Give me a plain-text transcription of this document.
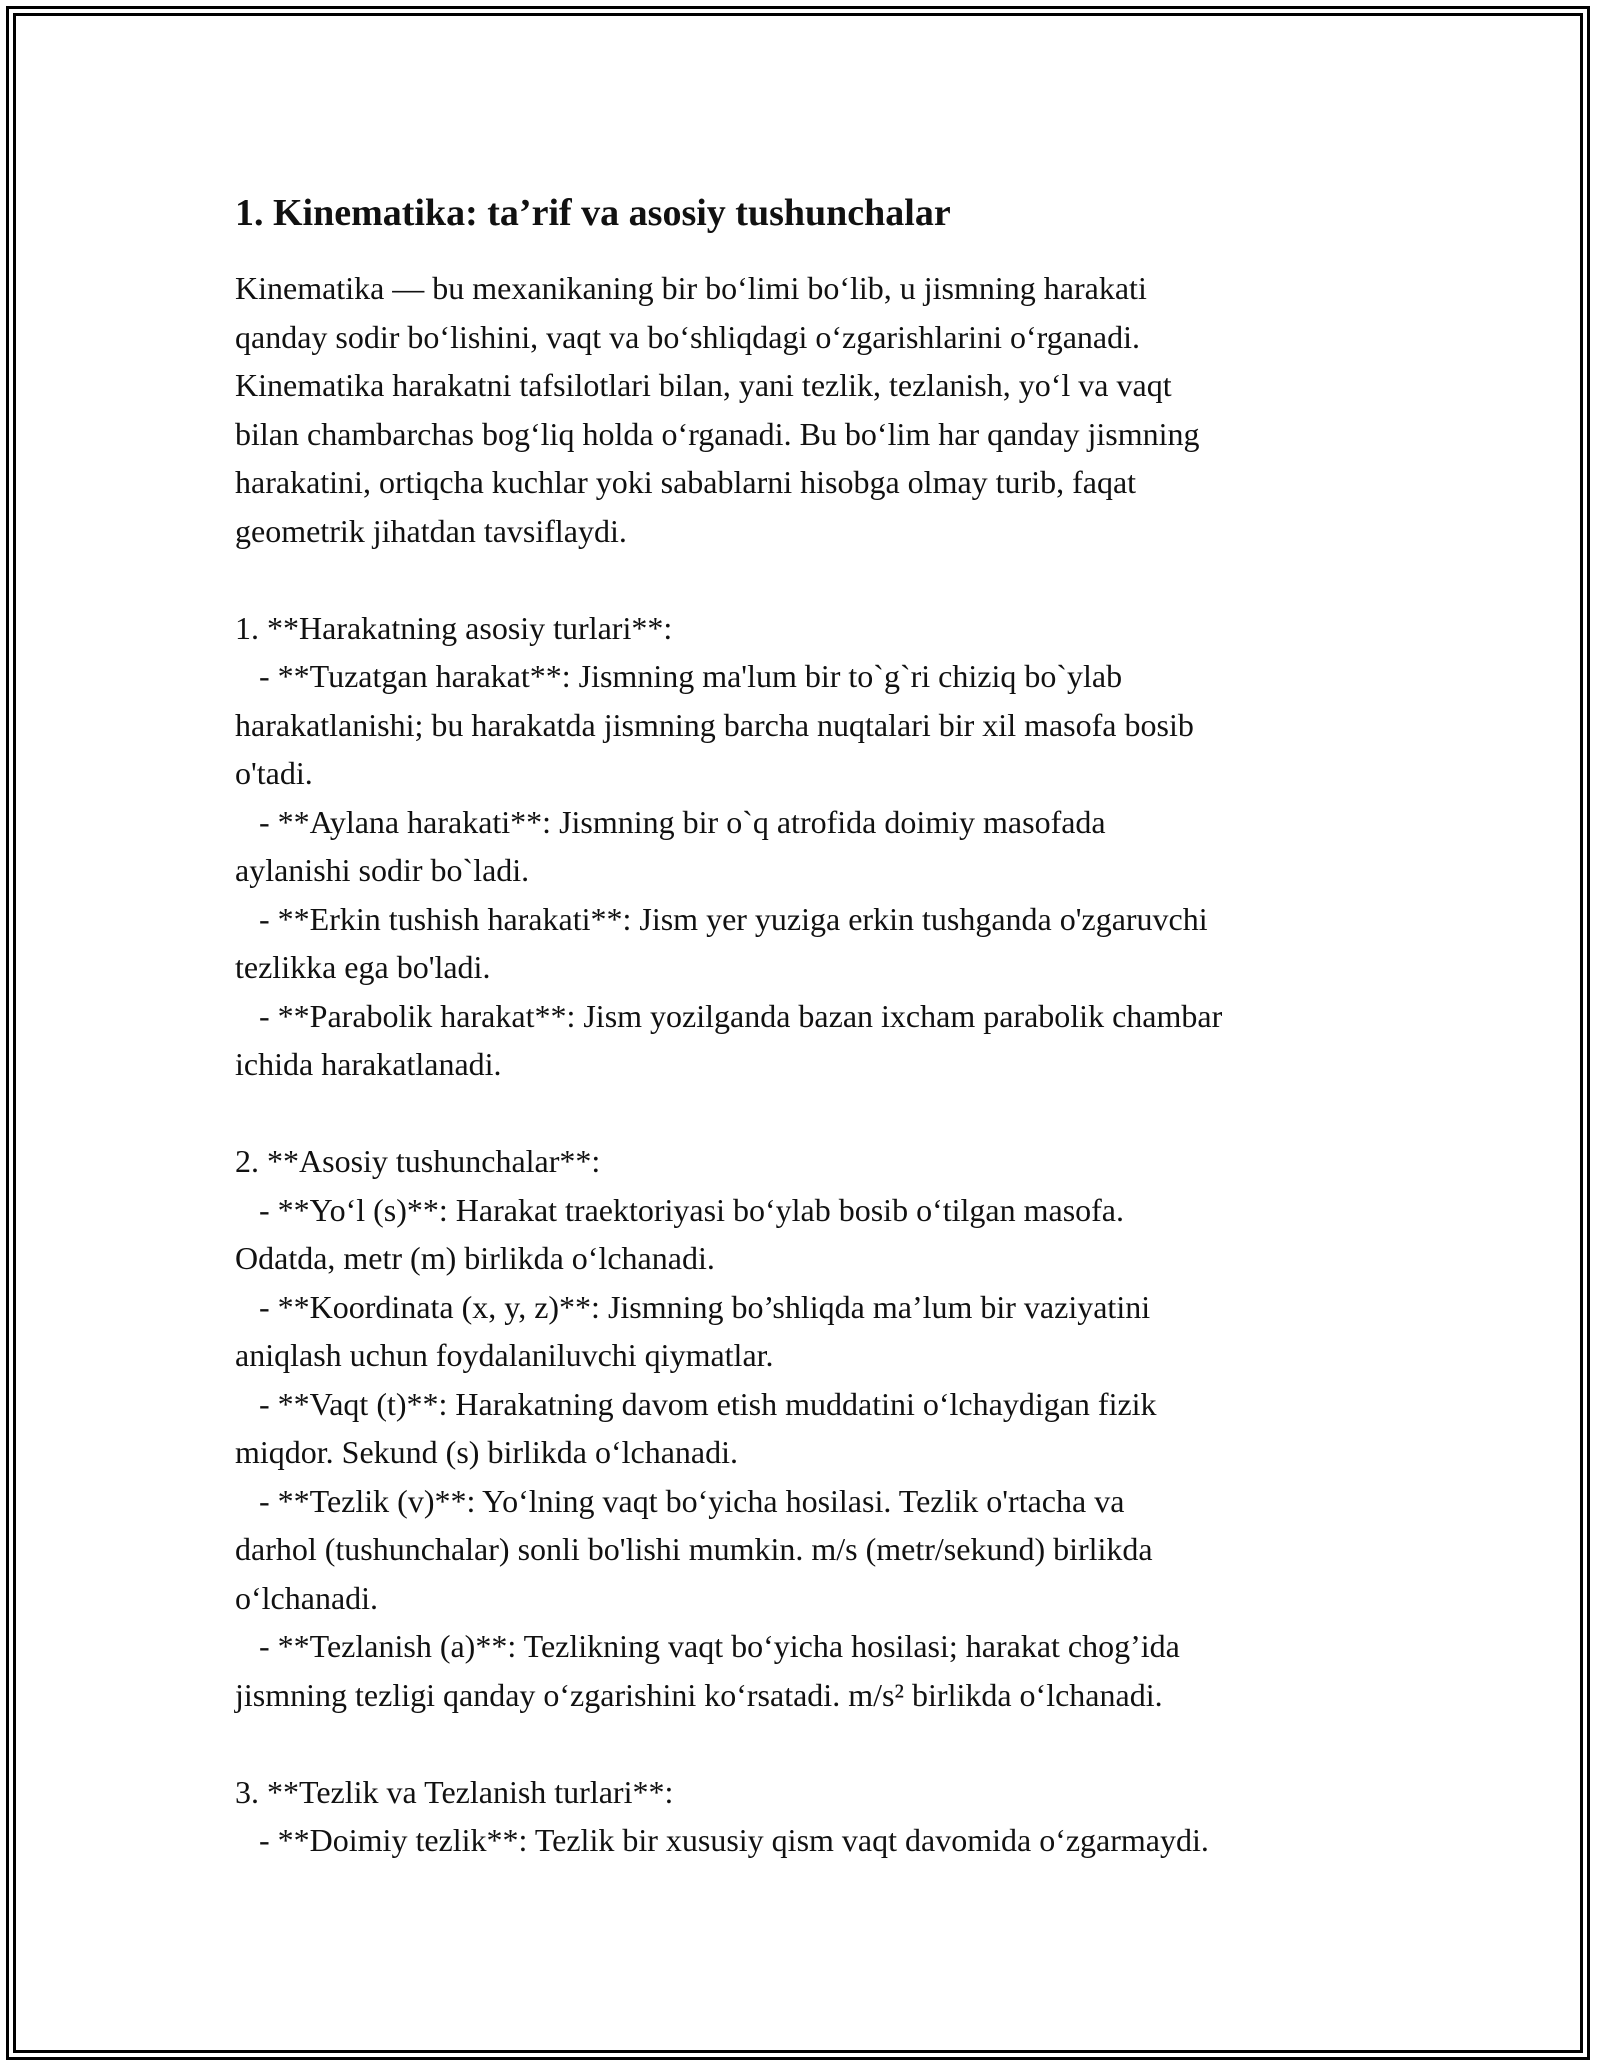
1. Kinematika: ta’rif va asosiy tushunchalar
Kinematika — bu mexanikaning bir bo‘limi bo‘lib, u jismning harakati
qanday sodir bo‘lishini, vaqt va bo‘shliqdagi o‘zgarishlarini o‘rganadi.
Kinematika harakatni tafsilotlari bilan, yani tezlik, tezlanish, yo‘l va vaqt
bilan chambarchas bog‘liq holda o‘rganadi. Bu bo‘lim har qanday jismning
harakatini, ortiqcha kuchlar yoki sabablarni hisobga olmay turib, faqat
geometrik jihatdan tavsiflaydi.
1. **Harakatning asosiy turlari**:
- **Tuzatgan harakat**: Jismning ma'lum bir to`g`ri chiziq bo`ylab
harakatlanishi; bu harakatda jismning barcha nuqtalari bir xil masofa bosib
o'tadi.
- **Aylana harakati**: Jismning bir o`q atrofida doimiy masofada
aylanishi sodir bo`ladi.
- **Erkin tushish harakati**: Jism yer yuziga erkin tushganda o'zgaruvchi
tezlikka ega bo'ladi.
- **Parabolik harakat**: Jism yozilganda bazan ixcham parabolik chambar
ichida harakatlanadi.
2. **Asosiy tushunchalar**:
- **Yo‘l (s)**: Harakat traektoriyasi bo‘ylab bosib o‘tilgan masofa.
Odatda, metr (m) birlikda o‘lchanadi.
- **Koordinata (x, y, z)**: Jismning bo’shliqda ma’lum bir vaziyatini
aniqlash uchun foydalaniluvchi qiymatlar.
- **Vaqt (t)**: Harakatning davom etish muddatini o‘lchaydigan fizik
miqdor. Sekund (s) birlikda o‘lchanadi.
- **Tezlik (v)**: Yo‘lning vaqt bo‘yicha hosilasi. Tezlik o'rtacha va
darhol (tushunchalar) sonli bo'lishi mumkin. m/s (metr/sekund) birlikda
o‘lchanadi.
- **Tezlanish (a)**: Tezlikning vaqt bo‘yicha hosilasi; harakat chog’ida
jismning tezligi qanday o‘zgarishini ko‘rsatadi. m/s² birlikda o‘lchanadi.
3. **Tezlik va Tezlanish turlari**:
- **Doimiy tezlik**: Tezlik bir xususiy qism vaqt davomida o‘zgarmaydi.
